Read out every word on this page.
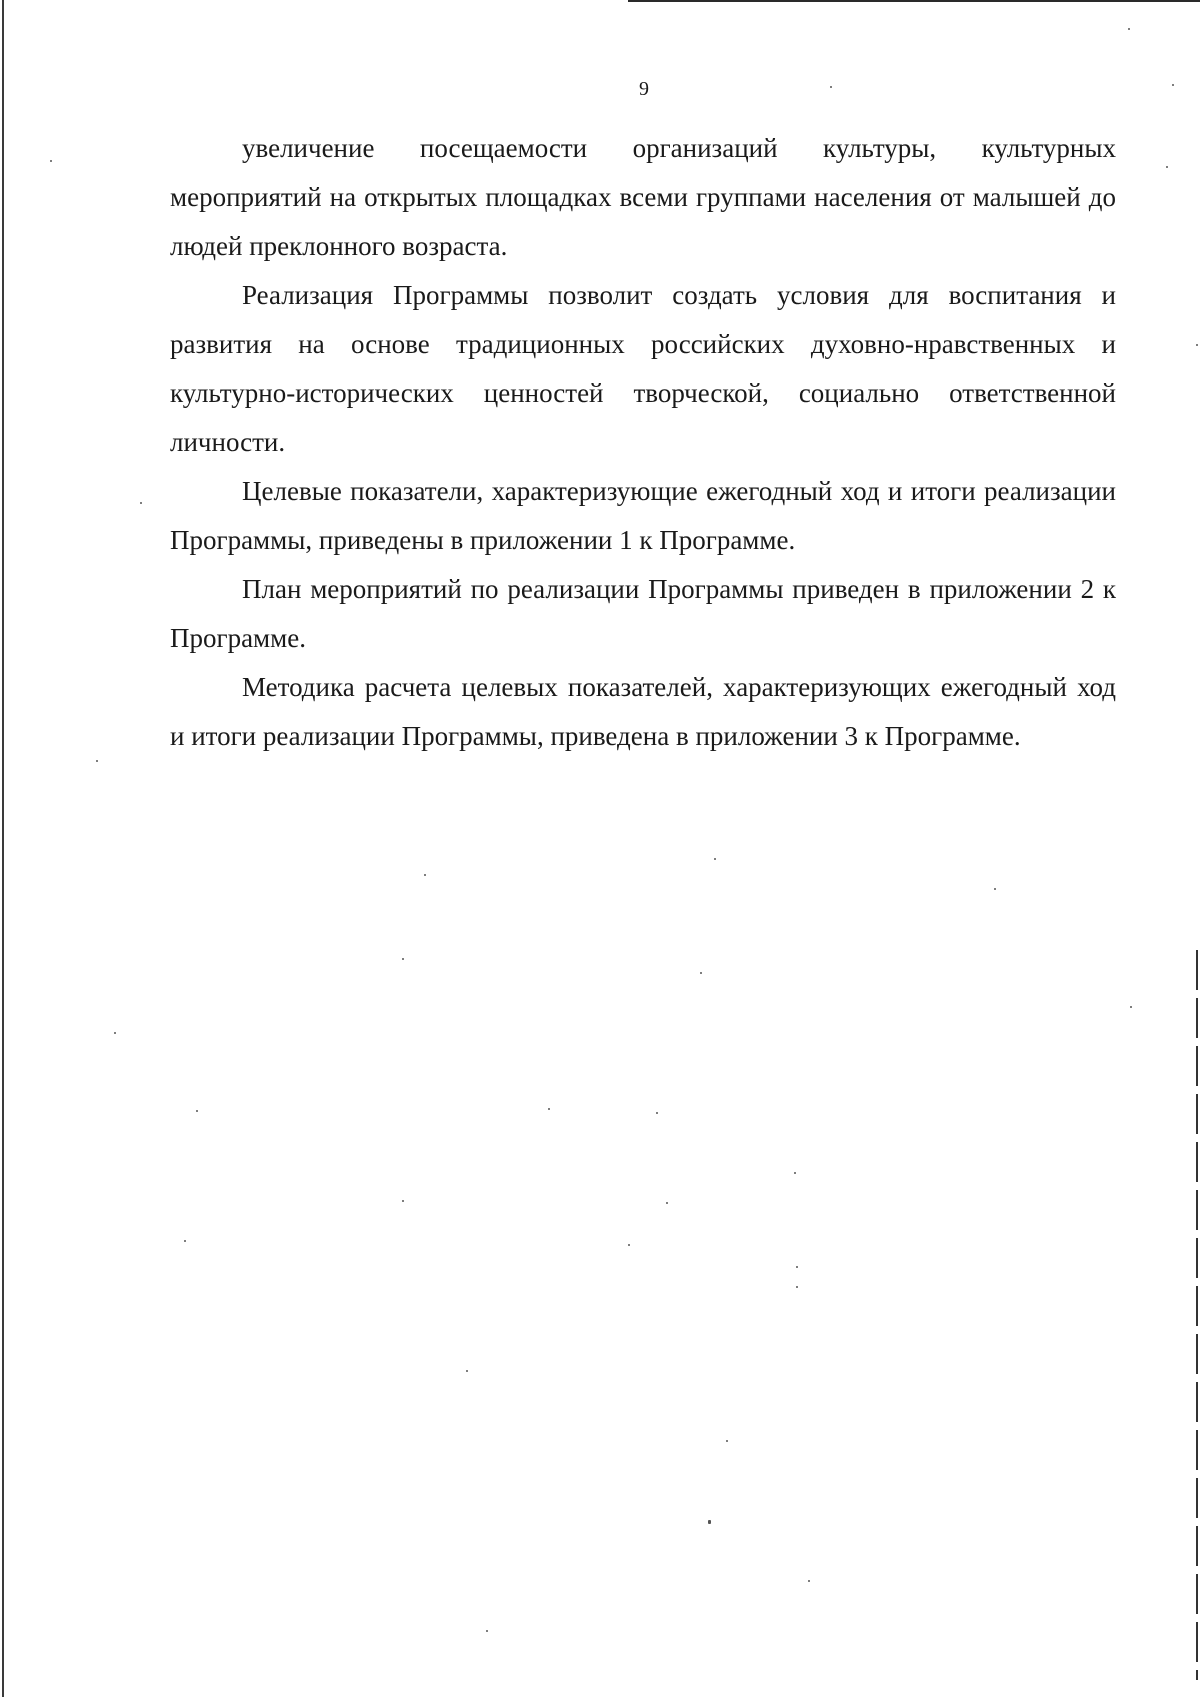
9

увеличение посещаемости организаций культуры, культурных мероприятий на открытых площадках всеми группами населения от малышей до людей преклонного возраста.

Реализация Программы позволит создать условия для воспитания и развития на основе традиционных российских духовно-нравственных и культурно-исторических ценностей творческой, социально ответственной личности.

Целевые показатели, характеризующие ежегодный ход и итоги реализации Программы, приведены в приложении 1 к Программе.

План мероприятий по реализации Программы приведен в приложении 2 к Программе.

Методика расчета целевых показателей, характеризующих ежегодный ход и итоги реализации Программы, приведена в приложении 3 к Программе.
